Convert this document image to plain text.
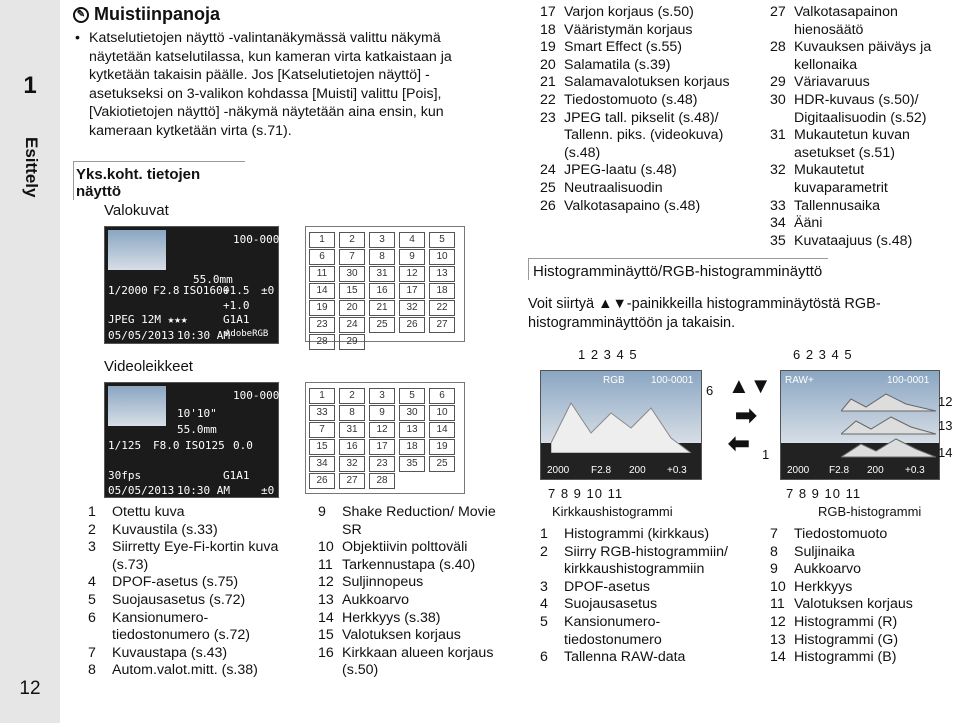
1
Esittely
12
✎ Muistiinpanoja
• Katselutietojen näyttö -valintanäkymässä valittu näkymä näytetään katselutilassa, kun kameran virta katkaistaan ja kytketään takaisin päälle. Jos [Katselutietojen näyttö] -asetukseksi on 3-valikon kohdassa [Muisti] valittu [Pois], [Vakiotietojen näyttö] -näkymä näytetään aina ensin, kun kameraan kytketään virta (s.71).
Yks.koht. tietojen näyttö
Valokuvat
Videoleikkeet
100-0001
55.0mm
1/2000 F2.8 ISO1600
+1.5
+1.0
JPEG 12M ★★★	G1A1
05/05/2013 10:30 AM
AdobeRGB
±0
100-0001
10'10"
55.0mm
1/125 F8.0 ISO125 0.0
30fps	G1A1
05/05/2013 10:30 AM	±0
1	2	3	4	5
6	7	8	9	10
11	30	31	12	13
14	15	16	17	18
19	20	21	32	22
23	24	25	26	27
28	29
1	2	3	5	6
33	8	9	30	10
7	31	12	13	14
15	16	17	18	19
34	32	23	35	25
26	27	28
1	Otettu kuva
2	Kuvaustila (s.33)
3	Siirretty Eye-Fi-kortin kuva (s.73)
4	DPOF-asetus (s.75)
5	Suojausasetus (s.72)
6	Kansionumero-tiedostonumero (s.72)
7	Kuvaustapa (s.43)
8	Autom.valot.mitt. (s.38)
9	Shake Reduction/ Movie SR
10 Objektiivin polttoväli
11 Tarkennustapa (s.40)
12 Suljinnopeus
13 Aukkoarvo
14 Herkkyys (s.38)
15 Valotuksen korjaus
16 Kirkkaan alueen korjaus (s.50)
17 Varjon korjaus (s.50)
18 Vääristymän korjaus
19 Smart Effect (s.55)
20 Salamatila (s.39)
21 Salamavalotuksen korjaus
22 Tiedostomuoto (s.48)
23 JPEG tall. pikselit (s.48)/ Tallenn. piks. (videokuva) (s.48)
24 JPEG-laatu (s.48)
25 Neutraalisuodin
26 Valkotasapaino (s.48)
27 Valkotasapainon hienosäätö
28 Kuvauksen päiväys ja kellonaika
29 Väriavaruus
30 HDR-kuvaus (s.50)/ Digitaalisuodin (s.52)
31 Mukautetun kuvan asetukset (s.51)
32 Mukautetut kuvaparametrit
33 Tallennusaika
34 Ääni
35 Kuvataajuus (s.48)
Histogramminäyttö/RGB-histogramminäyttö
Voit siirtyä ▲▼-painikkeilla histogramminäytöstä RGB-histogramminäyttöön ja takaisin.
1 2 3 4 5	6 2 3 4 5
RGB	100-0001
2000 F2.8 200 +0.3
6 ▲▼
➡
⬅ 1
RAW+	100-0001
2000 F2.8 200 +0.3
12
13
14
7 8 9 10 11	7 8 9 10 11
Kirkkaushistogrammi	RGB-histogrammi
1	Histogrammi (kirkkaus)
2	Siirry RGB-histogrammiin/ kirkkaushistogrammiin
3	DPOF-asetus
4	Suojausasetus
5	Kansionumero-tiedostonumero
6	Tallenna RAW-data
7	Tiedostomuoto
8	Suljinaika
9	Aukkoarvo
10 Herkkyys
11 Valotuksen korjaus
12 Histogrammi (R)
13 Histogrammi (G)
14 Histogrammi (B)
